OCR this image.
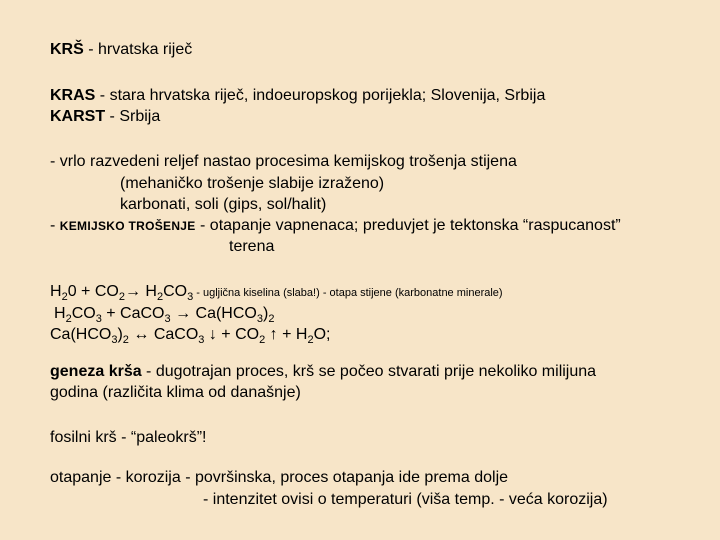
KRŠ - hrvatska riječ
KRAS - stara hrvatska riječ, indoeuropskog porijekla; Slovenija, Srbija
KARST - Srbija
- vrlo razvedeni reljef nastao procesima kemijskog trošenja stijena
(mehaničko trošenje slabije izraženo)
karbonati, soli (gips, sol/halit)
- KEMIJSKO TROŠENJE - otapanje vapnenaca; preduvjet je tektonska “raspucanost”
terena
$H_20 + CO_2\to H_2CO_3$ - ugljična kiselina (slaba!) - otapa stijene (karbonatne minerale)
$H_2CO_3$ + CaCO$_3$ → $Ca(HCO_3)_2$
$Ca(HCO_3)_2$ ↔ CaCO$_3$ ↓ + $CO_2$ ↑ + $H_2O$;
geneza krša - dugotrajan proces, krš se počeo stvarati prije nekoliko milijuna
godina (različita klima od današnje)
fosilni krš - “paleokrš”!
otapanje - korozija - površinska, proces otapanja ide prema dolje
- intenzitet ovisi o temperaturi (viša temp. - veća korozija)
